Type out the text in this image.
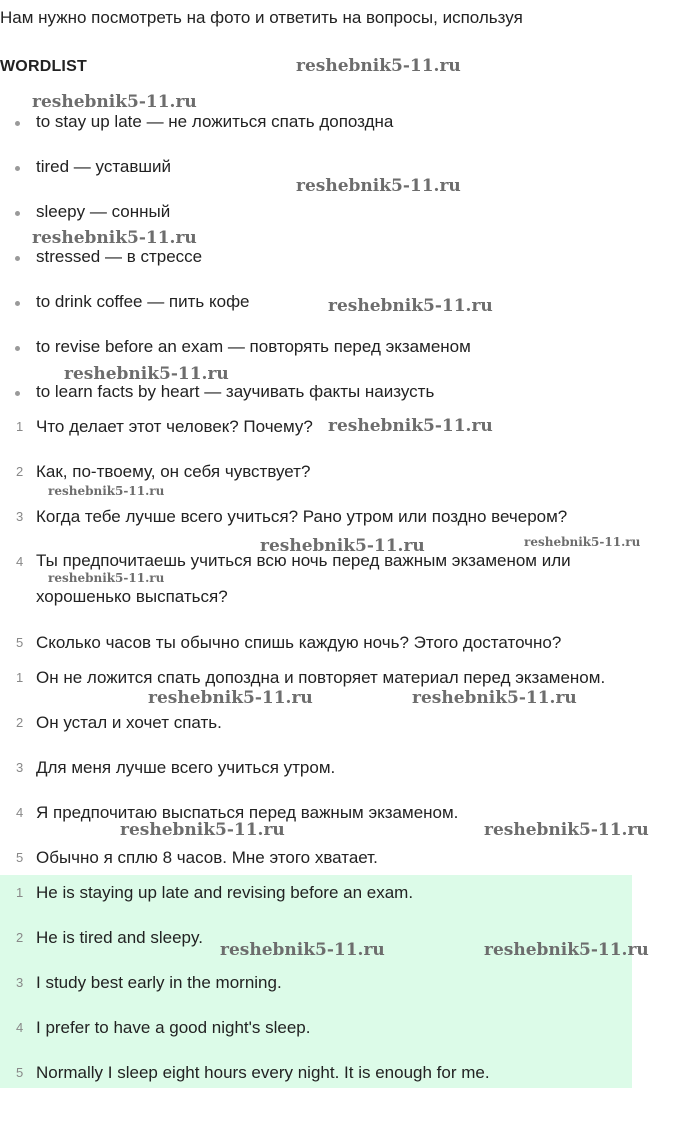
Нам нужно посмотреть на фото и ответить на вопросы, используя
WORDLIST
to stay up late — не ложиться спать допоздна
tired — уставший
sleepy — сонный
stressed — в стрессе
to drink coffee — пить кофе
to revise before an exam — повторять перед экзаменом
to learn facts by heart — заучивать факты наизусть
1 Что делает этот человек? Почему?
2 Как, по-твоему, он себя чувствует?
3 Когда тебе лучше всего учиться? Рано утром или поздно вечером?
4 Ты предпочитаешь учиться всю ночь перед важным экзаменом или хорошенько выспаться?
5 Сколько часов ты обычно спишь каждую ночь? Этого достаточно?
1 Он не ложится спать допоздна и повторяет материал перед экзаменом.
2 Он устал и хочет спать.
3 Для меня лучше всего учиться утром.
4 Я предпочитаю выспаться перед важным экзаменом.
5 Обычно я сплю 8 часов. Мне этого хватает.
1 He is staying up late and revising before an exam.
2 He is tired and sleepy.
3 I study best early in the morning.
4 I prefer to have a good night's sleep.
5 Normally I sleep eight hours every night. It is enough for me.
reshebnik5-11.ru
reshebnik5-11.ru
reshebnik5-11.ru
reshebnik5-11.ru
reshebnik5-11.ru
reshebnik5-11.ru
reshebnik5-11.ru
reshebnik5-11.ru
reshebnik5-11.ru	reshebnik5-11.ru
reshebnik5-11.ru
reshebnik5-11.ru	reshebnik5-11.ru
reshebnik5-11.ru	reshebnik5-11.ru
reshebnik5-11.ru	reshebnik5-11.ru
